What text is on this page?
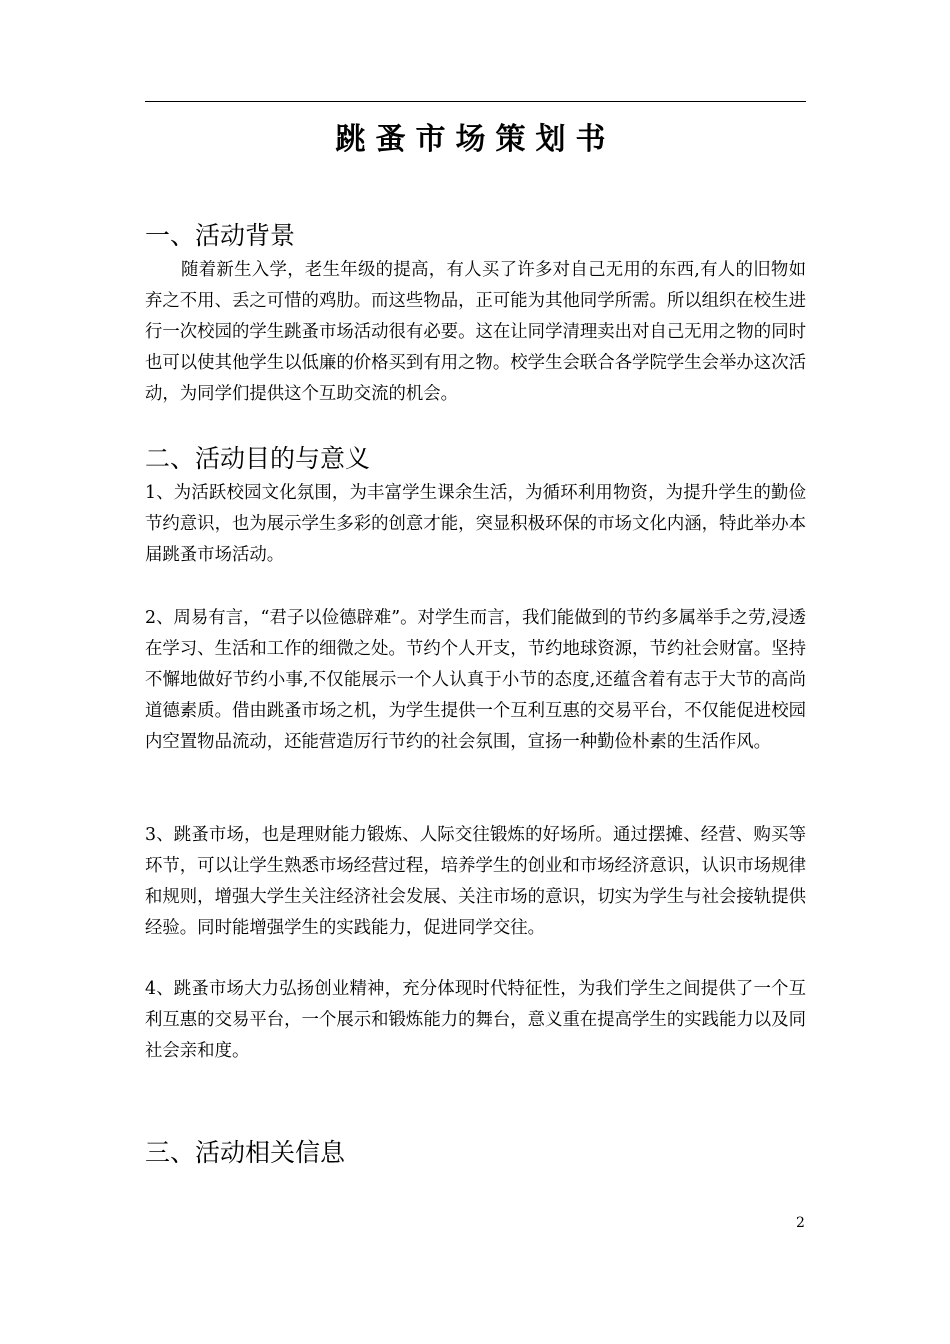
跳蚤市场策划书
一、活动背景

随着新生入学，老生年级的提高，有人买了许多对自己无用的东西,有人的旧物如弃之不用、丢之可惜的鸡肋。而这些物品，正可能为其他同学所需。所以组织在校生进行一次校园的学生跳蚤市场活动很有必要。这在让同学清理卖出对自己无用之物的同时也可以使其他学生以低廉的价格买到有用之物。校学生会联合各学院学生会举办这次活动，为同学们提供这个互助交流的机会。

二、活动目的与意义

1、为活跃校园文化氛围，为丰富学生课余生活，为循环利用物资，为提升学生的勤俭节约意识，也为展示学生多彩的创意才能，突显积极环保的市场文化内涵，特此举办本届跳蚤市场活动。

2、周易有言，“君子以俭德辟难”。对学生而言，我们能做到的节约多属举手之劳,浸透在学习、生活和工作的细微之处。节约个人开支，节约地球资源，节约社会财富。坚持不懈地做好节约小事,不仅能展示一个人认真于小节的态度,还蕴含着有志于大节的高尚道德素质。借由跳蚤市场之机，为学生提供一个互利互惠的交易平台，不仅能促进校园内空置物品流动，还能营造厉行节约的社会氛围，宣扬一种勤俭朴素的生活作风。

3、跳蚤市场，也是理财能力锻炼、人际交往锻炼的好场所。通过摆摊、经营、购买等环节，可以让学生熟悉市场经营过程，培养学生的创业和市场经济意识，认识市场规律和规则，增强大学生关注经济社会发展、关注市场的意识，切实为学生与社会接轨提供经验。同时能增强学生的实践能力，促进同学交往。

4、跳蚤市场大力弘扬创业精神，充分体现时代特征性，为我们学生之间提供了一个互利互惠的交易平台，一个展示和锻炼能力的舞台，意义重在提高学生的实践能力以及同社会亲和度。

三、活动相关信息
2
